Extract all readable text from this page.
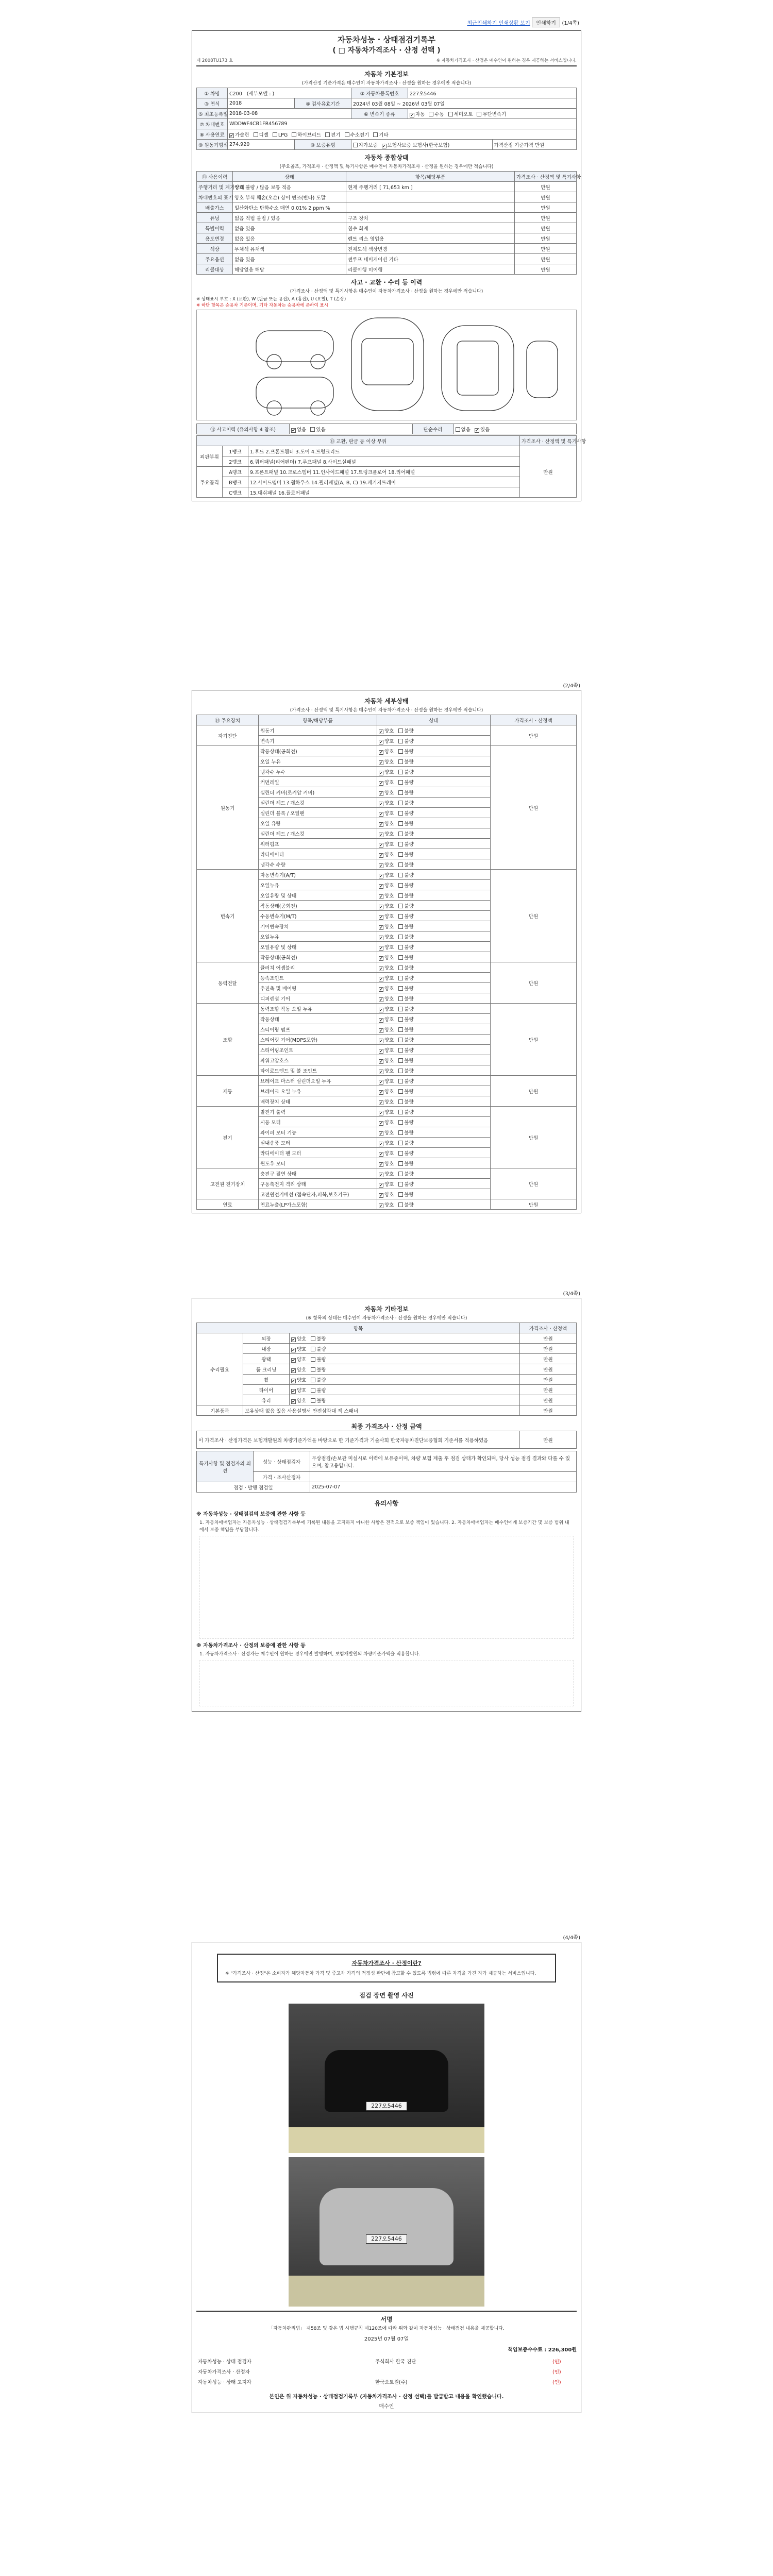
최근인쇄하기 인쇄상황 보기 인쇄하기 (1/4쪽)
자동차성능 · 상태점검기록부
( □ 자동차가격조사 · 산정 선택 )
제 2008TU173 호	※ 자동차가격조사 · 산정은 매수인이 원하는 경우 제공하는 서비스입니다.
자동차 기본정보
(가격산정 기준가격은 매수인이 자동차가격조사 · 산정을 원하는 경우에만 적습니다)
① 차명	C200 (세부모델 : )		② 자동차등록번호	227오5446	
③ 연식	2018	④ 검사유효기간	2024년 03월 08일 ~ 2026년 03월 07일		
⑤ 최초등록일	2018-03-08		⑥ 변속기 종류	✔자동 수동 세미오토 무단변속기
⑦ 차대번호	WDDWF4CB1FR456789				
⑧ 사용연료	✔가솔린 디젤 LPG 하이브리드 전기 수소전기 기타
⑨ 원동기형식	274.920	⑩ 보증유형	자가보증 ✔ 보험사보증 보험사(한국보험)		가격산정 기준가격 만원
자동차 종합상태
(주요골조, 가격조사 · 산정액 및 특기사항은 매수인이 자동차가격조사 · 산정을 원하는 경우에만 적습니다)
⑪ 사용이력	상태	항목/해당부품	가격조사 · 산정액 및 특기사항
주행거리 및 계기상태	양호 불량 / 많음 보통 적음	현재 주행거리 [ 71,653 km ]	만원
차대번호의 표기	양호 부식 훼손(오손) 상이 변조(변타) 도말		만원
배출가스	일산화탄소 탄화수소 매연 0.01% 2 ppm %		만원
튜닝	없음 적법 불법 / 있음	구조 장치	만원
특별이력	없음 있음	침수 화재	만원
용도변경	없음 있음	렌트 리스 영업용	만원
색상	무채색 유채색	전체도색 색상변경	만원
주요옵션	없음 있음	썬루프 네비게이션 기타	만원
리콜대상	해당없음 해당	리콜이행 미이행	만원
사고 · 교환 · 수리 등 이력
(가격조사 · 산정액 및 특기사항은 매수인이 자동차가격조사 · 산정을 원하는 경우에만 적습니다)
※ 상태표시 부호 : X (교환), W (판금 또는 용접), A (흠집), U (요철), T (손상)
※ 하단 항목은 승용차 기준이며, 기타 자동차는 승용차에 준하여 표시
⑫ 사고이력 (유의사항 4 참조)	✔없음 있음	단순수리	없음 ✔ 있음
⑬ 교환, 판금 등 이상 부위			가격조사 · 산정액 및 특기사항
외판부위	1랭크	1.후드 2.프론트휀더 3.도어 4.트렁크리드	만원
	2랭크	6.쿼터패널(리어펜더) 7.루프패널 8.사이드실패널	
주요골격	A랭크	9.프론트패널 10.크로스멤버 11.인사이드패널 17.트렁크플로어 18.리어패널	
	B랭크	12.사이드멤버 13.휠하우스 14.필러패널(A, B, C) 19.패키지트레이	
	C랭크	15.대쉬패널 16.플로어패널	
(2/4쪽)
자동차 세부상태
(가격조사 · 산정액 및 특기사항은 매수인이 자동차가격조사 · 산정을 원하는 경우에만 적습니다)
⑭ 주요장치	항목/해당부품	상태	가격조사 · 산정액
자기진단	원동기	✔양호   불량	만원
	변속기	✔양호   불량
원동기	작동상태(공회전)	✔양호   불량	만원
	오일 누유	✔양호   불량
	냉각수 누수	✔양호   불량
	커먼레일	✔양호   불량
	실린더 커버(로커암 커버)	✔양호   불량
	실린더 헤드 / 개스킷	✔양호   불량
	실린더 블록 / 오일팬	✔양호   불량
	오일 유량	✔양호   불량
	실린더 헤드 / 개스킷	✔양호   불량
	워터펌프	✔양호   불량
	라디에이터	✔양호   불량
	냉각수 수량	✔양호   불량
변속기	자동변속기(A/T)	✔양호   불량	만원
	오일누유	✔양호   불량
	오일유량 및 상태	✔양호   불량
	작동상태(공회전)	✔양호   불량
	수동변속기(M/T)	✔양호   불량
	기어변속장치	✔양호   불량
	오일누유	✔양호   불량
	오일유량 및 상태	✔양호   불량
	작동상태(공회전)	✔양호   불량
동력전달	클러치 어셈블리	✔양호   불량	만원
	등속조인트	✔양호   불량
	추진축 및 베어링	✔양호   불량
	디퍼렌셜 기어	✔양호   불량
조향	동력조향 작동 오일 누유	✔양호   불량	만원
	작동상태	✔양호   불량
	스티어링 펌프	✔양호   불량
	스티어링 기어(MDPS포함)	✔양호   불량
	스티어링조인트	✔양호   불량
	파워고압호스	✔양호   불량
	타이로드엔드 및 볼 조인트	✔양호   불량
제동	브레이크 마스터 실린더오일 누유	✔양호   불량	만원
	브레이크 오일 누유	✔양호   불량
	배력장치 상태	✔양호   불량
전기	발전기 출력	✔양호   불량	만원
	시동 모터	✔양호   불량
	와이퍼 모터 기능	✔양호   불량
	실내송풍 모터	✔양호   불량
	라디에이터 팬 모터	✔양호   불량
	윈도우 모터	✔양호   불량
고전원 전기장치	충전구 절연 상태	✔양호   불량	만원
	구동축전지 격리 상태	✔양호   불량
	고전원전기배선 (접속단자,피복,보호기구)	✔양호   불량
연료	연료누출(LP가스포함)	✔양호   불량	만원
(3/4쪽)
자동차 기타정보
(※ 항목의 상태는 매수인이 자동차가격조사 · 산정을 원하는 경우에만 적습니다)
항목			가격조사 · 산정액
수리필요	외장	✔양호   불량	만원
	내장	✔양호   불량	만원
	광택	✔양호   불량	만원
	룸 크리닝	✔양호   불량	만원
	휠	✔양호   불량	만원
	타이어	✔양호   불량	만원
	유리	✔양호   불량	만원
기본품목	보유상태 없음 있음 사용설명서 안전삼각대 잭 스패너		만원
최종 가격조사 · 산정 금액
이 가격조사 · 산정가격은 보험개발원의 차량기준가액을 바탕으로 한 기준가격과 기술사회 한국자동차진단보증협회 기준서를 적용하였음	만원
특기사항 및 점검자의 의견	성능 · 상태점검자	무상점검/손보관 미실시로 이력에 보유중이며, 차량 보험 제출 후 점검 상태가 확인되며, 당사 성능 점검 결과와 다를 수 있으며, 참고용입니다.
	가격 · 조사산정자	
점검 · 발행 점검일		2025-07-07
유의사항
※ 자동차성능 · 상태점검의 보증에 관한 사항 등
1. 자동차매매업자는 자동차성능 · 상태점검기록부에 기록된 내용을 고지하지 아니한 사항은 전적으로 보증 책임이 있습니다. 2. 자동차매매업자는 매수인에게 보증기간 및 보증 범위 내에서 보증 책임을 부담합니다.
※ 자동차가격조사 · 산정의 보증에 관한 사항 등
1. 자동차가격조사 · 산정자는 매수인이 원하는 경우에만 발행하며, 보험개발원의 차량기준가액을 적용합니다.
(4/4쪽)
자동차가격조사 · 산정이란?
※ "가격조사 · 산정"은 소비자가 해당자동차 가격 및 중고차 가격의 적정성 판단에 참고할 수 있도록 법령에 따른 자격을 가진 자가 제공하는 서비스입니다.
점검 장면 촬영 사진
227오5446
227오5446
서명
「자동차관리법」 제58조 및 같은 법 시행규칙 제120조에 따라 위와 같이 자동차성능 · 상태점검 내용을 제공합니다.
2025년 07월 07일
책임보증수수료 : 226,300원
자동차성능 · 상태 점검자	주식회사 한국 진단	(인)
자동차가격조사 · 산정자		(인)
자동차성능 · 상태 고지자	한국오토원(주)	(인)
본인은 위 자동차성능 · 상태점검기록부 (자동차가격조사 · 산정 선택)를 발급받고 내용을 확인했습니다.
매수인
